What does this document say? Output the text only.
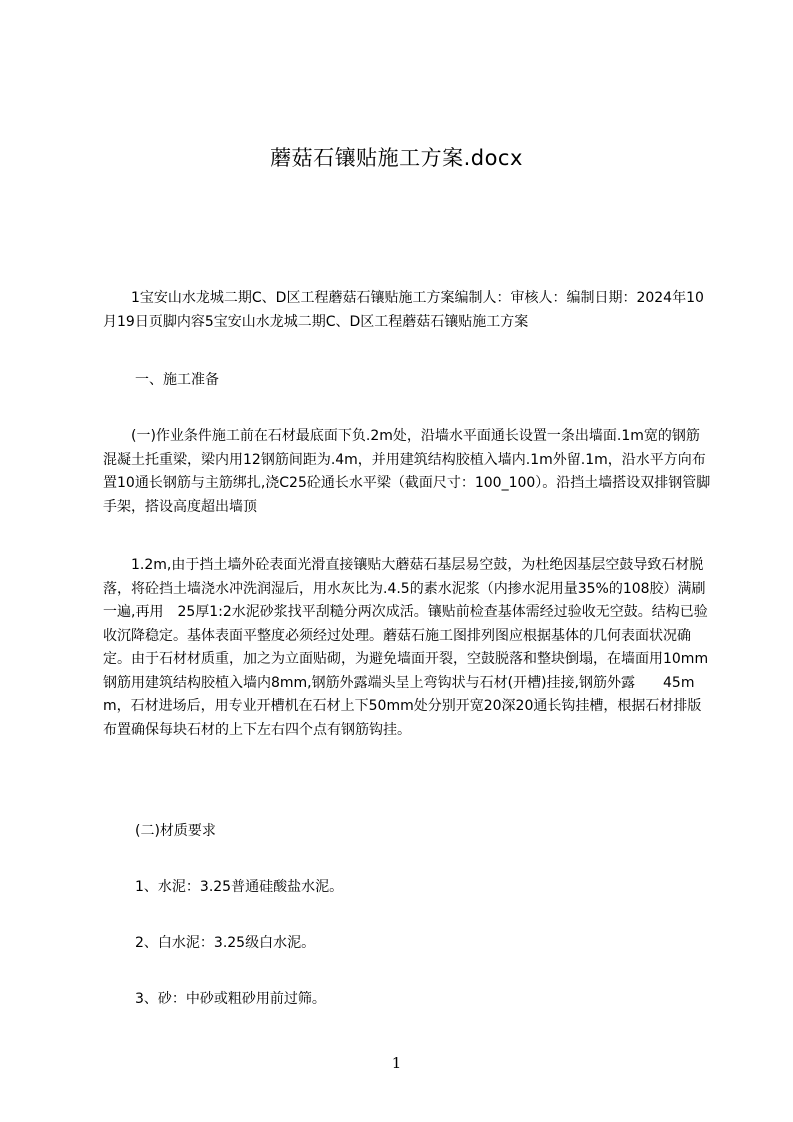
蘑菇石镶贴施工方案.docx
1宝安山水龙城二期C、D区工程蘑菇石镶贴施工方案编制人：审核人：编制日期：2024年10月19日页脚内容5宝安山水龙城二期C、D区工程蘑菇石镶贴施工方案
一、施工准备
(一)作业条件施工前在石材最底面下负.2m处，沿墙水平面通长设置一条出墙面.1m宽的钢筋混凝土托重梁，梁内用12钢筋间距为.4m，并用建筑结构胶植入墙内.1m外留.1m，沿水平方向布置10通长钢筋与主筋绑扎,浇C25砼通长水平梁（截面尺寸：100_100）。沿挡土墙搭设双排钢管脚手架，搭设高度超出墙顶
1.2m,由于挡土墙外砼表面光滑直接镶贴大蘑菇石基层易空鼓，为杜绝因基层空鼓导致石材脱落，将砼挡土墙浇水冲洗润湿后，用水灰比为.4.5的素水泥浆（内掺水泥用量35%的108胶）满刷一遍,再用　25厚1:2水泥砂浆找平刮糙分两次成活。镶贴前检查基体需经过验收无空鼓。结构已验收沉降稳定。基体表面平整度必须经过处理。蘑菇石施工图排列图应根据基体的几何表面状况确定。由于石材材质重，加之为立面贴砌，为避免墙面开裂，空鼓脱落和整块倒塌，在墙面用10mm钢筋用建筑结构胶植入墙内8mm,钢筋外露端头呈上弯钩状与石材(开槽)挂接,钢筋外露　　45mm，石材进场后，用专业开槽机在石材上下50mm处分别开宽20深20通长钩挂槽，根据石材排版布置确保每块石材的上下左右四个点有钢筋钩挂。
(二)材质要求
1、水泥：3.25普通硅酸盐水泥。
2、白水泥：3.25级白水泥。
3、砂：中砂或粗砂用前过筛。
1
